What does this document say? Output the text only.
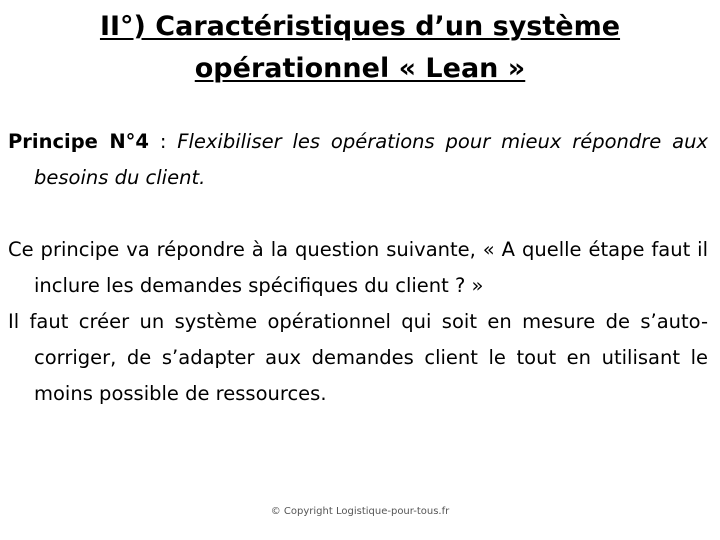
II°) Caractéristiques d’un système
opérationnel « Lean »

Principe N°4 : Flexibiliser les opérations pour mieux répondre aux besoins du client.

Ce principe va répondre à la question suivante, « A quelle étape faut il inclure les demandes spécifiques du client ? »

Il faut créer un système opérationnel qui soit en mesure de s’auto-corriger, de s’adapter aux demandes client le tout en utilisant le moins possible de ressources.

© Copyright Logistique-pour-tous.fr
